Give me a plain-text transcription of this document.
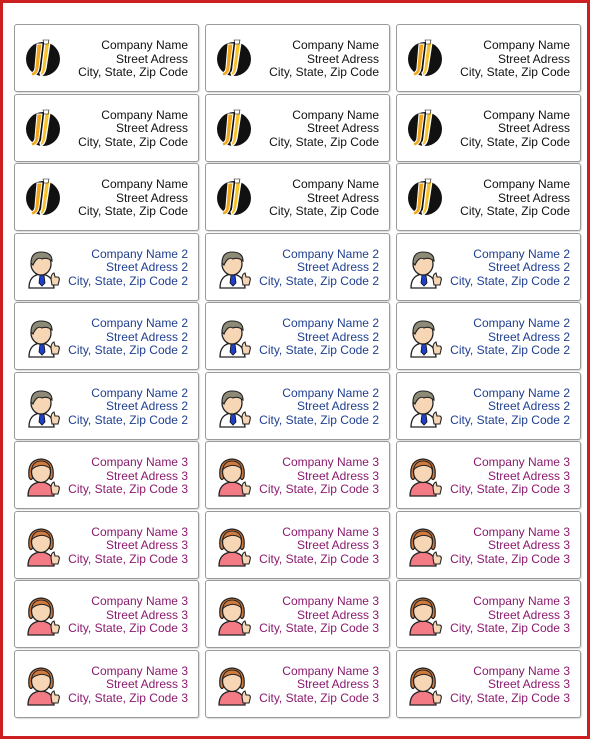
Company Name
Street Adress
City, State, Zip Code
Company Name
Street Adress
City, State, Zip Code
Company Name
Street Adress
City, State, Zip Code
Company Name
Street Adress
City, State, Zip Code
Company Name
Street Adress
City, State, Zip Code
Company Name
Street Adress
City, State, Zip Code
Company Name
Street Adress
City, State, Zip Code
Company Name
Street Adress
City, State, Zip Code
Company Name
Street Adress
City, State, Zip Code
Company Name 2
Street Adress 2
City, State, Zip Code 2
Company Name 2
Street Adress 2
City, State, Zip Code 2
Company Name 2
Street Adress 2
City, State, Zip Code 2
Company Name 2
Street Adress 2
City, State, Zip Code 2
Company Name 2
Street Adress 2
City, State, Zip Code 2
Company Name 2
Street Adress 2
City, State, Zip Code 2
Company Name 2
Street Adress 2
City, State, Zip Code 2
Company Name 2
Street Adress 2
City, State, Zip Code 2
Company Name 2
Street Adress 2
City, State, Zip Code 2
Company Name 3
Street Adress 3
City, State, Zip Code 3
Company Name 3
Street Adress 3
City, State, Zip Code 3
Company Name 3
Street Adress 3
City, State, Zip Code 3
Company Name 3
Street Adress 3
City, State, Zip Code 3
Company Name 3
Street Adress 3
City, State, Zip Code 3
Company Name 3
Street Adress 3
City, State, Zip Code 3
Company Name 3
Street Adress 3
City, State, Zip Code 3
Company Name 3
Street Adress 3
City, State, Zip Code 3
Company Name 3
Street Adress 3
City, State, Zip Code 3
Company Name 3
Street Adress 3
City, State, Zip Code 3
Company Name 3
Street Adress 3
City, State, Zip Code 3
Company Name 3
Street Adress 3
City, State, Zip Code 3
